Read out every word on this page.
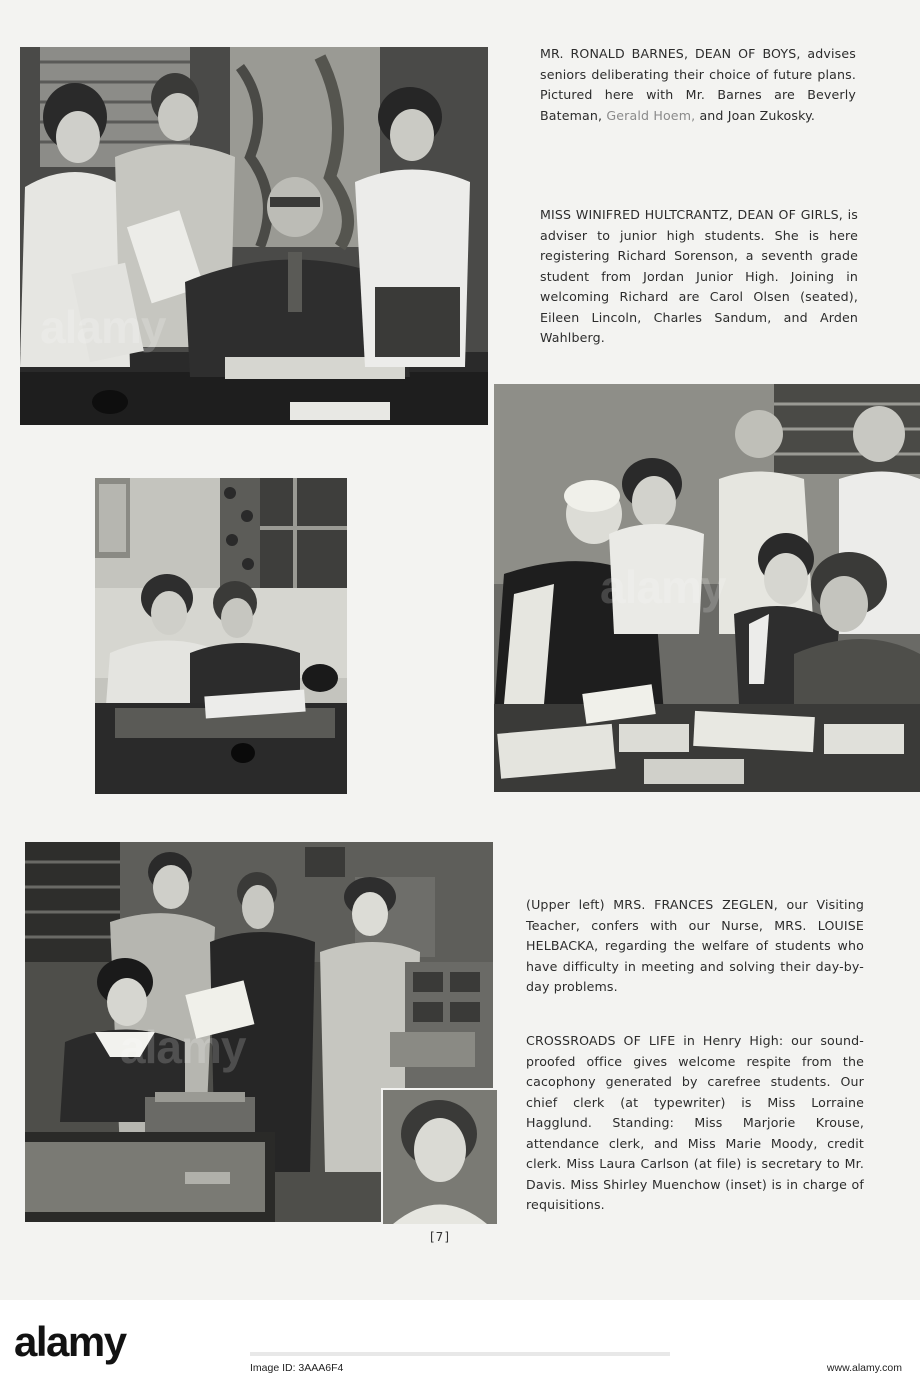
MR. RONALD BARNES, DEAN OF BOYS, advises seniors deliberating their choice of future plans. Pictured here with Mr. Barnes are Beverly Bateman, Gerald Hoem, and Joan Zukosky.

MISS WINIFRED HULTCRANTZ, DEAN OF GIRLS, is adviser to junior high students. She is here registering Richard Sorenson, a seventh grade student from Jordan Junior High. Joining in welcoming Richard are Carol Olsen (seated), Eileen Lincoln, Charles Sandum, and Arden Wahlberg.

(Upper left) MRS. FRANCES ZEGLEN, our Visiting Teacher, confers with our Nurse, MRS. LOUISE HELBACKA, regarding the welfare of students who have difficulty in meeting and solving their day-by-day problems.

CROSSROADS OF LIFE in Henry High: our sound-proofed office gives welcome respite from the cacophony generated by carefree students. Our chief clerk (at typewriter) is Miss Lorraine Hagglund. Standing: Miss Marjorie Krouse, attendance clerk, and Miss Marie Moody, credit clerk. Miss Laura Carlson (at file) is secretary to Mr. Davis. Miss Shirley Muenchow (inset) is in charge of requisitions.

[7]
alamy
Image ID: 3AAA6F4	www.alamy.com
